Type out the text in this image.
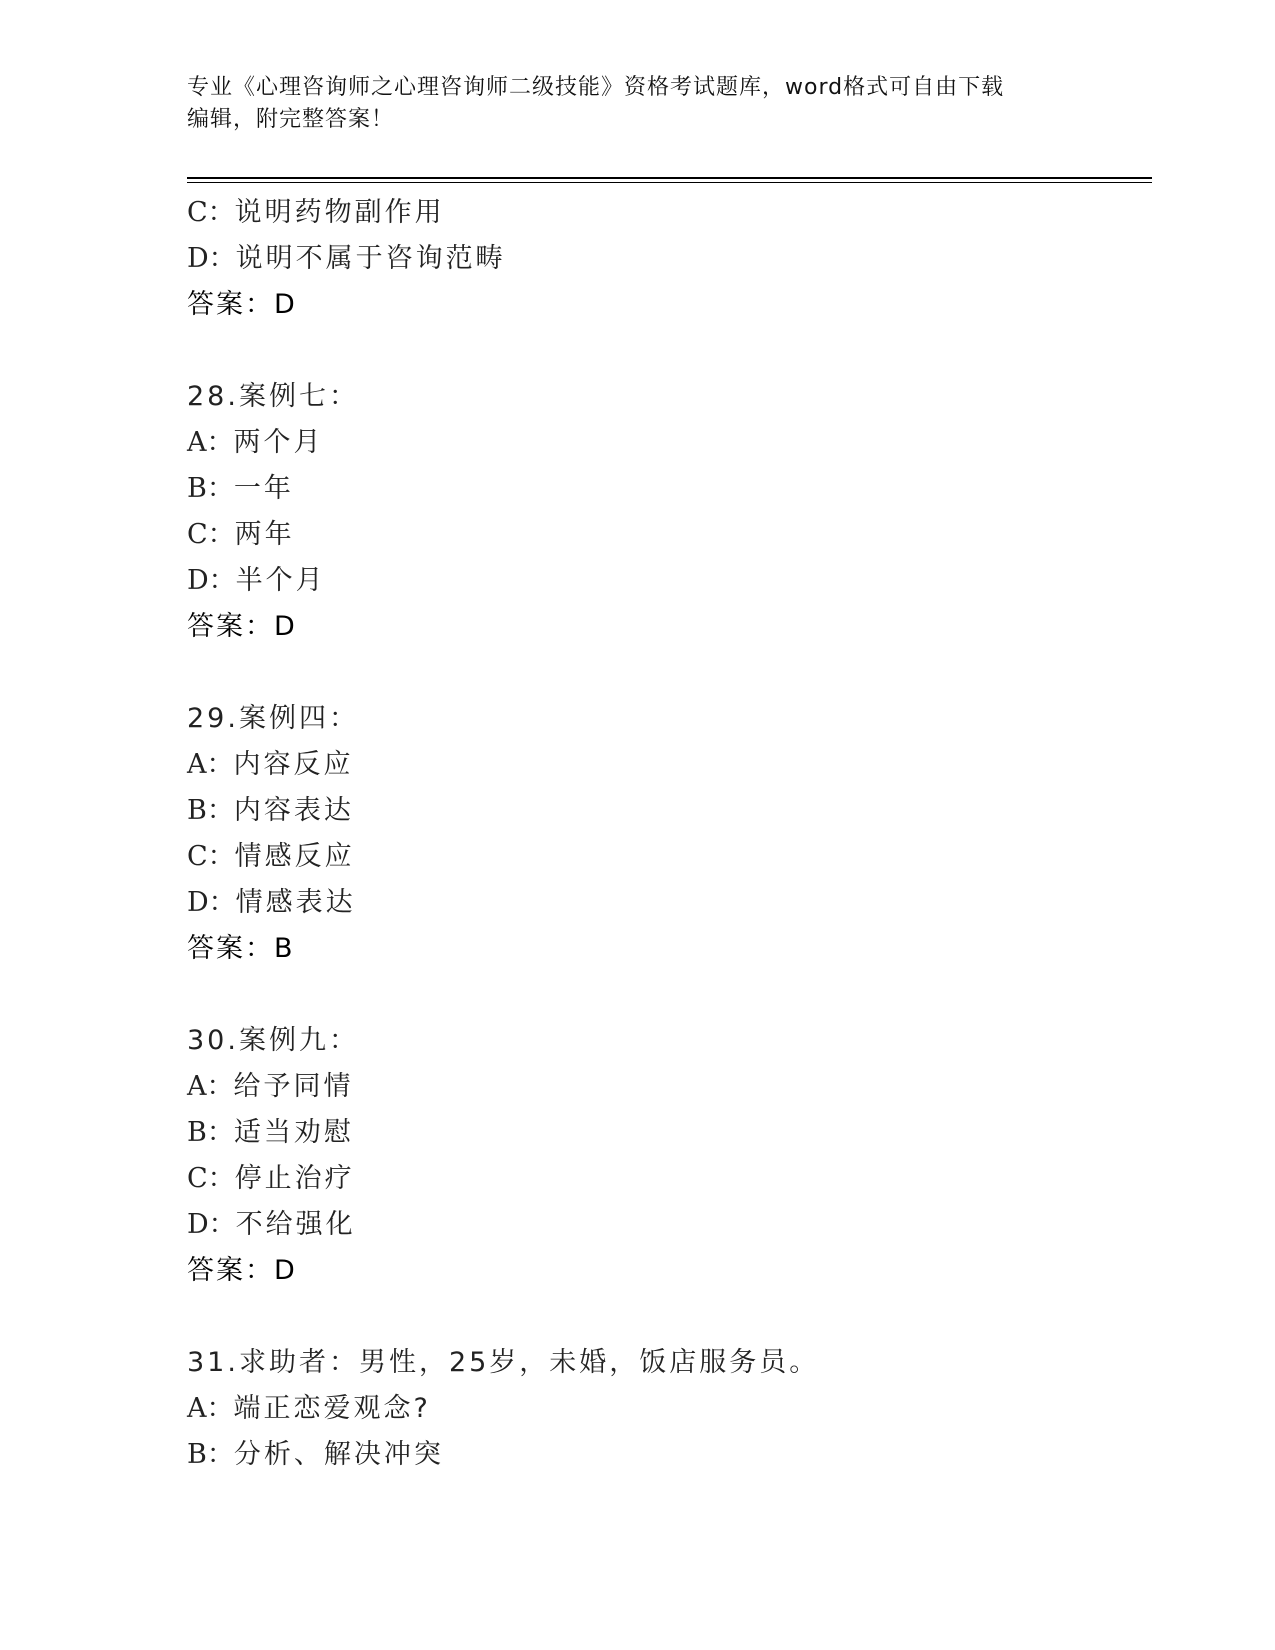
专业《心理咨询师之心理咨询师二级技能》资格考试题库，word格式可自由下载
编辑，附完整答案！
C：说明药物副作用
D：说明不属于咨询范畴
答案：D
28.案例七：
A：两个月
B：一年
C：两年
D：半个月
答案：D
29.案例四：
A：内容反应
B：内容表达
C：情感反应
D：情感表达
答案：B
30.案例九：
A：给予同情
B：适当劝慰
C：停止治疗
D：不给强化
答案：D
31.求助者：男性，25岁，未婚，饭店服务员。
A：端正恋爱观念?
B：分析、解决冲突
